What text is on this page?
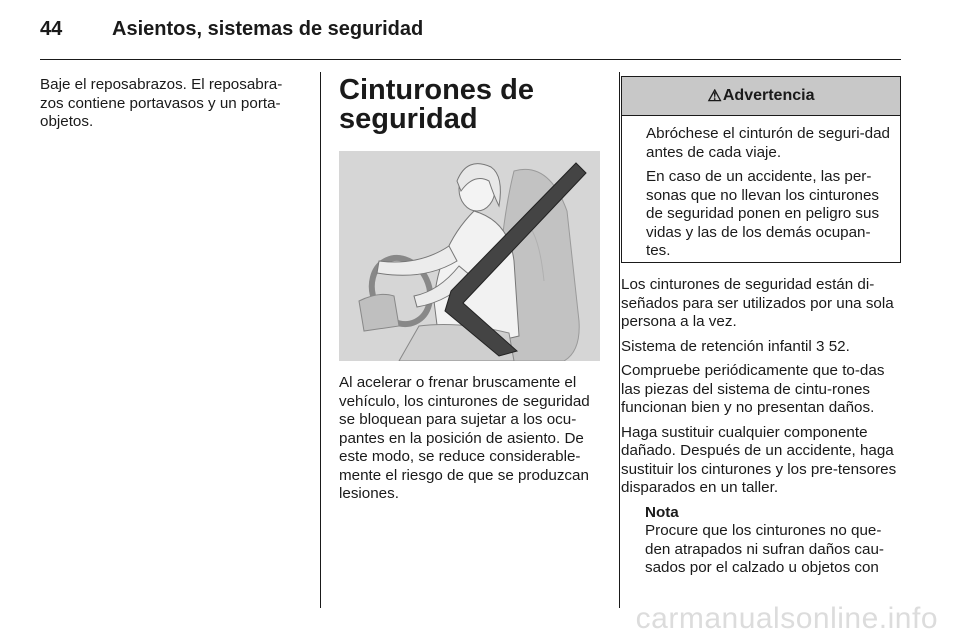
44 Asientos, sistemas de seguridad

Baje el reposabrazos. El reposabra-zos contiene portavasos y un porta-objetos.

Cinturones de seguridad

Al acelerar o frenar bruscamente el vehículo, los cinturones de seguridad se bloquean para sujetar a los ocu-pantes en la posición de asiento. De este modo, se reduce considerable-mente el riesgo de que se produzcan lesiones.

⚠ Advertencia

Abróchese el cinturón de seguri-dad antes de cada viaje.

En caso de un accidente, las per-sonas que no llevan los cinturones de seguridad ponen en peligro sus vidas y las de los demás ocupan-tes.

Los cinturones de seguridad están di-señados para ser utilizados por una sola persona a la vez.

Sistema de retención infantil 3 52.

Compruebe periódicamente que to-das las piezas del sistema de cintu-rones funcionan bien y no presentan daños.

Haga sustituir cualquier componente dañado. Después de un accidente, haga sustituir los cinturones y los pre-tensores disparados en un taller.

Nota

Procure que los cinturones no que-den atrapados ni sufran daños cau-sados por el calzado u objetos con

carmanualsonline.info
